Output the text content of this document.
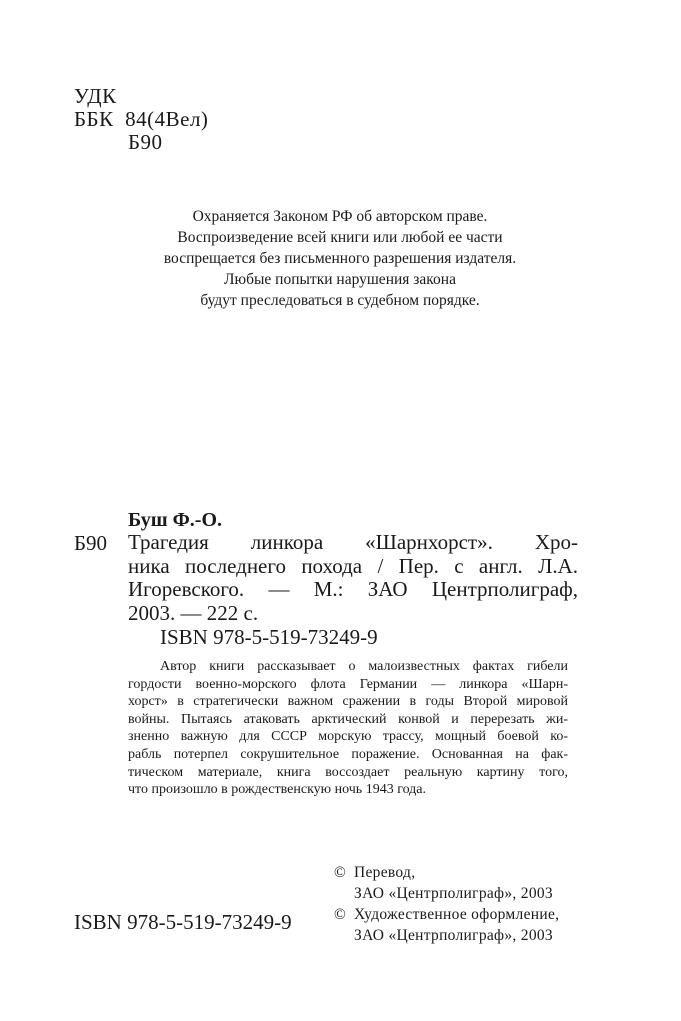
УДК
ББК  84(4Вел)
Б90
Охраняется Законом РФ об авторском праве.
Воспроизведение всей книги или любой ее части
воспрещается без письменного разрешения издателя.
Любые попытки нарушения закона
будут преследоваться в судебном порядке.
Буш Ф.-О.
Б90 Трагедия линкора «Шарнхорст». Хро-
ника последнего похода / Пер. с англ. Л.А.
Игоревского. — М.: ЗАО Центрполиграф,
2003. — 222 с.
ISBN 978-5-519-73249-9
Автор книги рассказывает о малоизвестных фактах гибели
гордости военно-морского флота Германии — линкора «Шарн-
хорст» в стратегически важном сражении в годы Второй мировой
войны. Пытаясь атаковать арктический конвой и перерезать жи-
зненно важную для СССР морскую трассу, мощный боевой ко-
рабль потерпел сокрушительное поражение. Основанная на фак-
тическом материале, книга воссоздает реальную картину того,
что произошло в рождественскую ночь 1943 года.
ISBN 978-5-519-73249-9
© Перевод,
ЗАО «Центрполиграф», 2003
© Художественное оформление,
ЗАО «Центрполиграф», 2003
